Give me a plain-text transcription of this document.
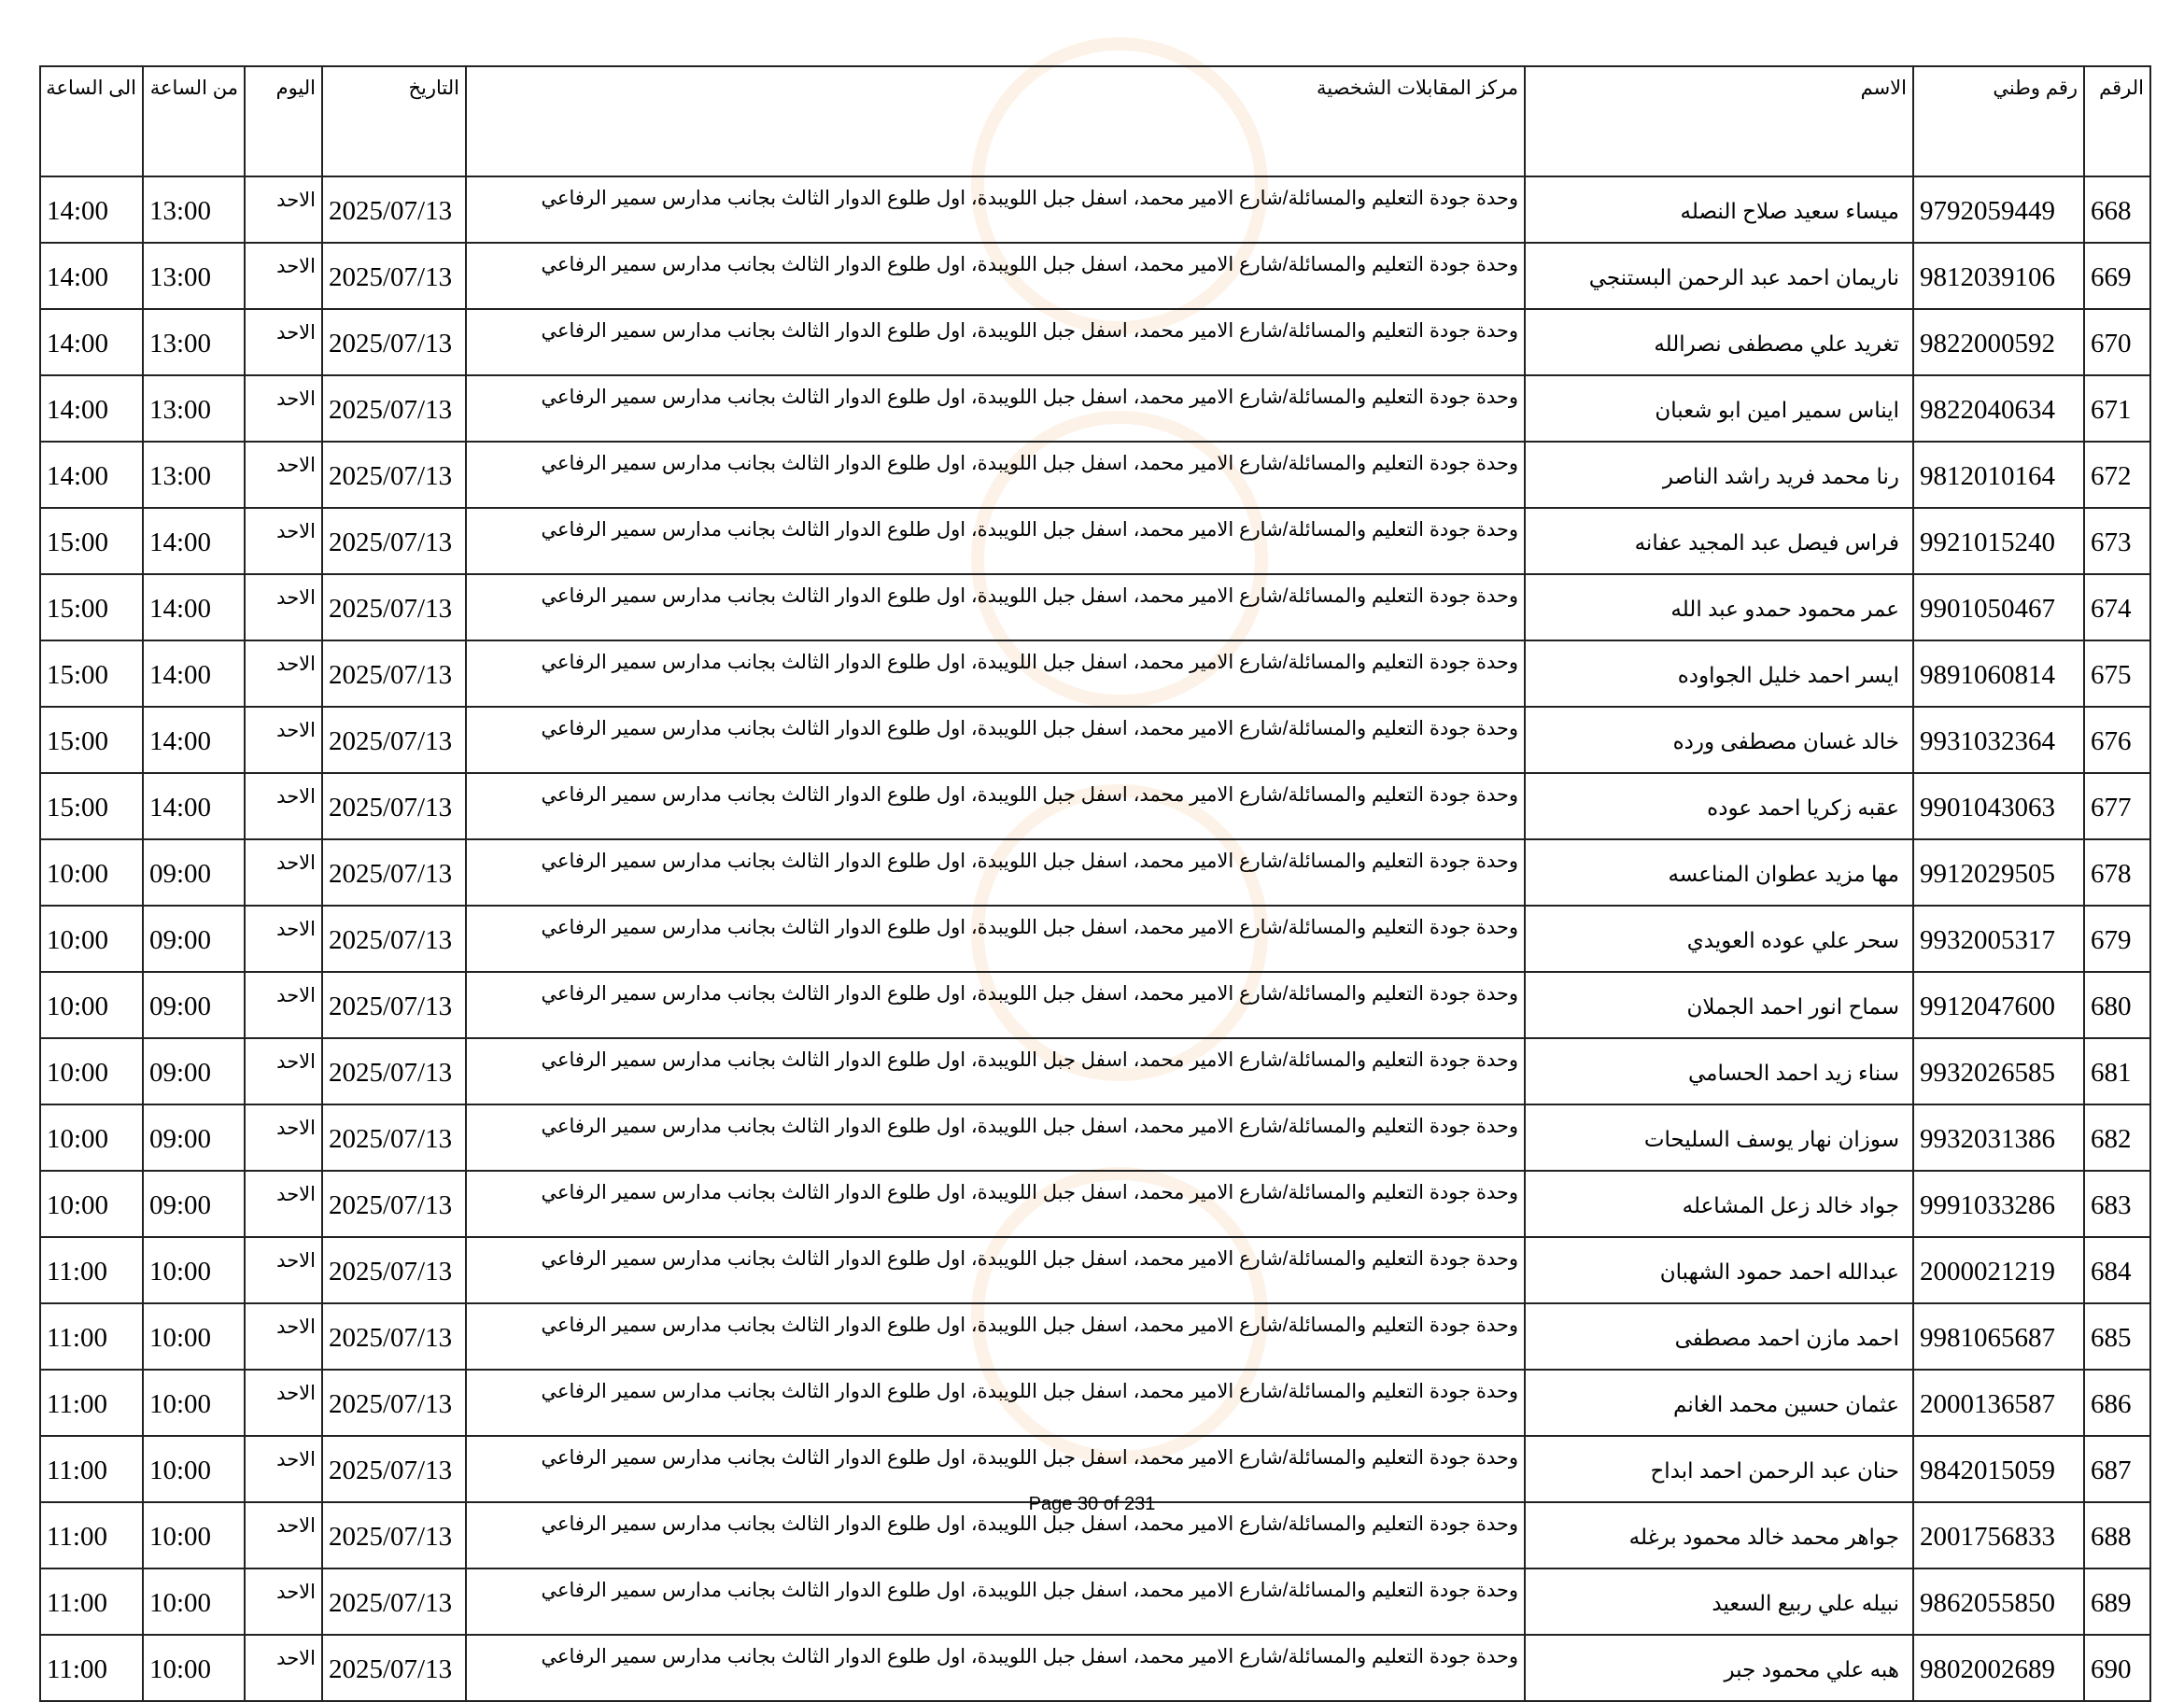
الرقم	رقم وطني	الاسم	مركز المقابلات الشخصية	التاريخ	اليوم	من الساعة	الى الساعة
668	9792059449	ميساء سعيد صلاح النصله	وحدة جودة التعليم والمسائلة/شارع الامير محمد، اسفل جبل اللويبدة، اول طلوع الدوار الثالث بجانب مدارس سمير الرفاعي	2025/07/13	الاحد	13:00	14:00
669	9812039106	ناريمان احمد عبد الرحمن البستنجي	وحدة جودة التعليم والمسائلة/شارع الامير محمد، اسفل جبل اللويبدة، اول طلوع الدوار الثالث بجانب مدارس سمير الرفاعي	2025/07/13	الاحد	13:00	14:00
670	9822000592	تغريد علي مصطفى نصرالله	وحدة جودة التعليم والمسائلة/شارع الامير محمد، اسفل جبل اللويبدة، اول طلوع الدوار الثالث بجانب مدارس سمير الرفاعي	2025/07/13	الاحد	13:00	14:00
671	9822040634	ايناس سمير امين ابو شعبان	وحدة جودة التعليم والمسائلة/شارع الامير محمد، اسفل جبل اللويبدة، اول طلوع الدوار الثالث بجانب مدارس سمير الرفاعي	2025/07/13	الاحد	13:00	14:00
672	9812010164	رنا محمد فريد راشد الناصر	وحدة جودة التعليم والمسائلة/شارع الامير محمد، اسفل جبل اللويبدة، اول طلوع الدوار الثالث بجانب مدارس سمير الرفاعي	2025/07/13	الاحد	13:00	14:00
673	9921015240	فراس فيصل عبد المجيد عفانه	وحدة جودة التعليم والمسائلة/شارع الامير محمد، اسفل جبل اللويبدة، اول طلوع الدوار الثالث بجانب مدارس سمير الرفاعي	2025/07/13	الاحد	14:00	15:00
674	9901050467	عمر محمود حمدو عبد الله	وحدة جودة التعليم والمسائلة/شارع الامير محمد، اسفل جبل اللويبدة، اول طلوع الدوار الثالث بجانب مدارس سمير الرفاعي	2025/07/13	الاحد	14:00	15:00
675	9891060814	ايسر احمد خليل الجواوده	وحدة جودة التعليم والمسائلة/شارع الامير محمد، اسفل جبل اللويبدة، اول طلوع الدوار الثالث بجانب مدارس سمير الرفاعي	2025/07/13	الاحد	14:00	15:00
676	9931032364	خالد غسان مصطفى ورده	وحدة جودة التعليم والمسائلة/شارع الامير محمد، اسفل جبل اللويبدة، اول طلوع الدوار الثالث بجانب مدارس سمير الرفاعي	2025/07/13	الاحد	14:00	15:00
677	9901043063	عقبه زكريا احمد عوده	وحدة جودة التعليم والمسائلة/شارع الامير محمد، اسفل جبل اللويبدة، اول طلوع الدوار الثالث بجانب مدارس سمير الرفاعي	2025/07/13	الاحد	14:00	15:00
678	9912029505	مها مزيد عطوان المناعسه	وحدة جودة التعليم والمسائلة/شارع الامير محمد، اسفل جبل اللويبدة، اول طلوع الدوار الثالث بجانب مدارس سمير الرفاعي	2025/07/13	الاحد	09:00	10:00
679	9932005317	سحر علي عوده العويدي	وحدة جودة التعليم والمسائلة/شارع الامير محمد، اسفل جبل اللويبدة، اول طلوع الدوار الثالث بجانب مدارس سمير الرفاعي	2025/07/13	الاحد	09:00	10:00
680	9912047600	سماح انور احمد الجملان	وحدة جودة التعليم والمسائلة/شارع الامير محمد، اسفل جبل اللويبدة، اول طلوع الدوار الثالث بجانب مدارس سمير الرفاعي	2025/07/13	الاحد	09:00	10:00
681	9932026585	سناء زيد احمد الحسامي	وحدة جودة التعليم والمسائلة/شارع الامير محمد، اسفل جبل اللويبدة، اول طلوع الدوار الثالث بجانب مدارس سمير الرفاعي	2025/07/13	الاحد	09:00	10:00
682	9932031386	سوزان نهار يوسف السليحات	وحدة جودة التعليم والمسائلة/شارع الامير محمد، اسفل جبل اللويبدة، اول طلوع الدوار الثالث بجانب مدارس سمير الرفاعي	2025/07/13	الاحد	09:00	10:00
683	9991033286	جواد خالد زعل المشاعله	وحدة جودة التعليم والمسائلة/شارع الامير محمد، اسفل جبل اللويبدة، اول طلوع الدوار الثالث بجانب مدارس سمير الرفاعي	2025/07/13	الاحد	09:00	10:00
684	2000021219	عبدالله احمد حمود الشهبان	وحدة جودة التعليم والمسائلة/شارع الامير محمد، اسفل جبل اللويبدة، اول طلوع الدوار الثالث بجانب مدارس سمير الرفاعي	2025/07/13	الاحد	10:00	11:00
685	9981065687	احمد مازن احمد مصطفى	وحدة جودة التعليم والمسائلة/شارع الامير محمد، اسفل جبل اللويبدة، اول طلوع الدوار الثالث بجانب مدارس سمير الرفاعي	2025/07/13	الاحد	10:00	11:00
686	2000136587	عثمان حسين محمد الغانم	وحدة جودة التعليم والمسائلة/شارع الامير محمد، اسفل جبل اللويبدة، اول طلوع الدوار الثالث بجانب مدارس سمير الرفاعي	2025/07/13	الاحد	10:00	11:00
687	9842015059	حنان عبد الرحمن احمد ابداح	وحدة جودة التعليم والمسائلة/شارع الامير محمد، اسفل جبل اللويبدة، اول طلوع الدوار الثالث بجانب مدارس سمير الرفاعي	2025/07/13	الاحد	10:00	11:00
688	2001756833	جواهر محمد خالد محمود برغله	وحدة جودة التعليم والمسائلة/شارع الامير محمد، اسفل جبل اللويبدة، اول طلوع الدوار الثالث بجانب مدارس سمير الرفاعي	2025/07/13	الاحد	10:00	11:00
689	9862055850	نبيله علي ربيع السعيد	وحدة جودة التعليم والمسائلة/شارع الامير محمد، اسفل جبل اللويبدة، اول طلوع الدوار الثالث بجانب مدارس سمير الرفاعي	2025/07/13	الاحد	10:00	11:00
690	9802002689	هبه علي محمود جبر	وحدة جودة التعليم والمسائلة/شارع الامير محمد، اسفل جبل اللويبدة، اول طلوع الدوار الثالث بجانب مدارس سمير الرفاعي	2025/07/13	الاحد	10:00	11:00
Page 30 of 231
